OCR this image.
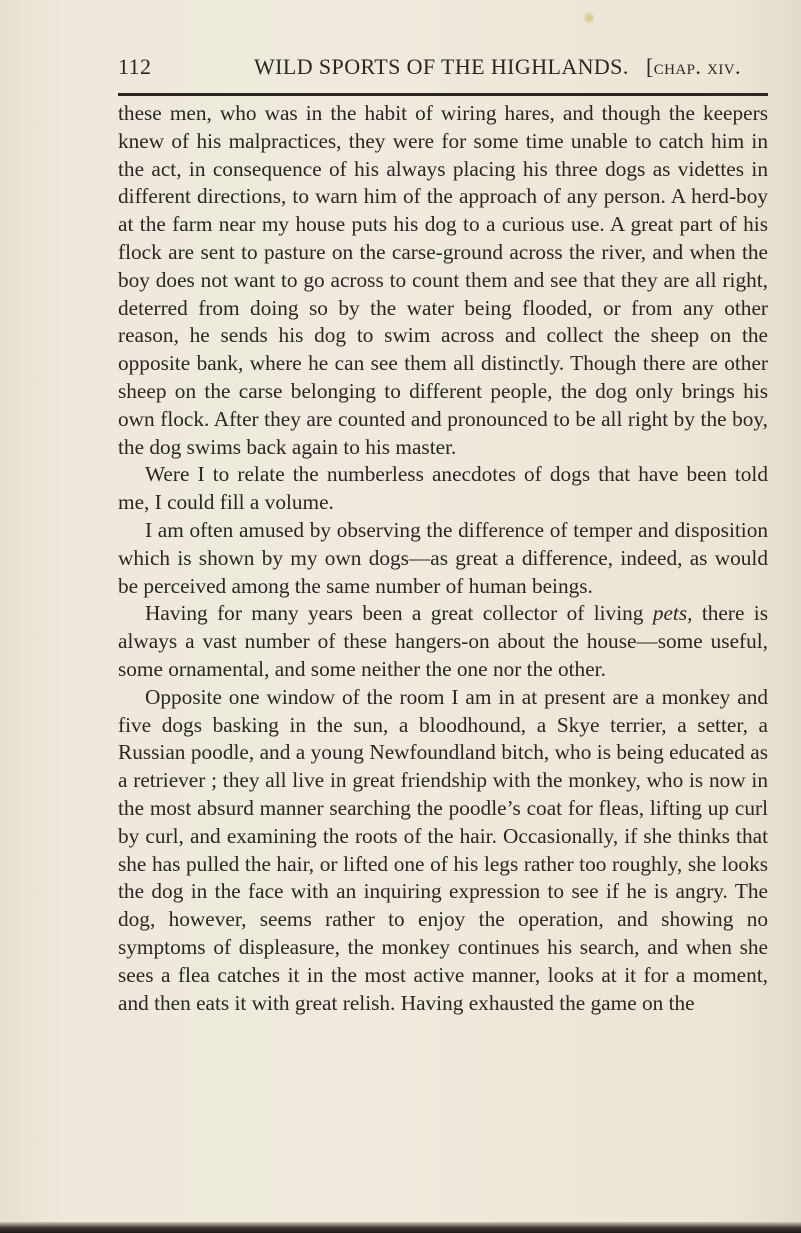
112	WILD SPORTS OF THE HIGHLANDS. [chap. xiv.

these men, who was in the habit of wiring hares, and though the keepers knew of his malpractices, they were for some time unable to catch him in the act, in consequence of his always placing his three dogs as videttes in different directions, to warn him of the approach of any person. A herd-boy at the farm near my house puts his dog to a curious use. A great part of his flock are sent to pasture on the carse-ground across the river, and when the boy does not want to go across to count them and see that they are all right, deterred from doing so by the water being flooded, or from any other reason, he sends his dog to swim across and collect the sheep on the opposite bank, where he can see them all distinctly. Though there are other sheep on the carse belonging to different people, the dog only brings his own flock. After they are counted and pronounced to be all right by the boy, the dog swims back again to his master.

Were I to relate the numberless anecdotes of dogs that have been told me, I could fill a volume.

I am often amused by observing the difference of temper and disposition which is shown by my own dogs—as great a difference, indeed, as would be perceived among the same number of human beings.

Having for many years been a great collector of living pets, there is always a vast number of these hangers-on about the house—some useful, some ornamental, and some neither the one nor the other.

Opposite one window of the room I am in at present are a monkey and five dogs basking in the sun, a bloodhound, a Skye terrier, a setter, a Russian poodle, and a young Newfoundland bitch, who is being educated as a retriever ; they all live in great friendship with the monkey, who is now in the most absurd manner searching the poodle’s coat for fleas, lifting up curl by curl, and examining the roots of the hair. Occasionally, if she thinks that she has pulled the hair, or lifted one of his legs rather too roughly, she looks the dog in the face with an inquiring expression to see if he is angry. The dog, however, seems rather to enjoy the operation, and showing no symptoms of displeasure, the monkey continues his search, and when she sees a flea catches it in the most active manner, looks at it for a moment, and then eats it with great relish. Having exhausted the game on the
